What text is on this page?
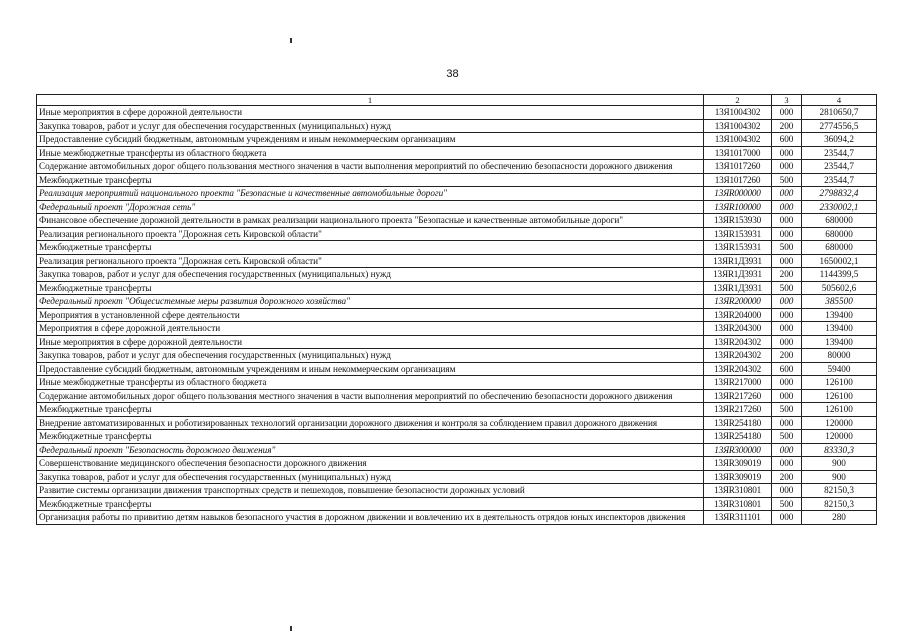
38
1	2	3	4
Иные мероприятия в сфере дорожной деятельности	13Я1004302	000	2810650,7
Закупка товаров, работ и услуг для обеспечения государственных (муниципальных) нужд	13Я1004302	200	2774556,5
Предоставление субсидий бюджетным, автономным учреждениям и иным некоммерческим организациям	13Я1004302	600	36094,2
Иные межбюджетные трансферты из областного бюджета	13Я1017000	000	23544,7
Содержание автомобильных дорог общего пользования местного значения в части выполнения мероприятий по обеспечению безопасности дорожного движения	13Я1017260	000	23544,7
Межбюджетные трансферты	13Я1017260	500	23544,7
Реализация мероприятий национального проекта "Безопасные и качественные автомобильные дороги"	13ЯR000000	000	2798832,4
Федеральный проект "Дорожная сеть"	13ЯR100000	000	2330002,1
Финансовое обеспечение дорожной деятельности в рамках реализации национального проекта "Безопасные и качественные автомобильные дороги"	13ЯR153930	000	680000
Реализация регионального проекта "Дорожная сеть Кировской области"	13ЯR153931	000	680000
Межбюджетные трансферты	13ЯR153931	500	680000
Реализация регионального проекта "Дорожная сеть Кировской области"	13ЯR1Д3931	000	1650002,1
Закупка товаров, работ и услуг для обеспечения государственных (муниципальных) нужд	13ЯR1Д3931	200	1144399,5
Межбюджетные трансферты	13ЯR1Д3931	500	505602,6
Федеральный проект "Общесистемные меры развития дорожного хозяйства"	13ЯR200000	000	385500
Мероприятия в установленной сфере деятельности	13ЯR204000	000	139400
Мероприятия в сфере дорожной деятельности	13ЯR204300	000	139400
Иные мероприятия в сфере дорожной деятельности	13ЯR204302	000	139400
Закупка товаров, работ и услуг для обеспечения государственных (муниципальных) нужд	13ЯR204302	200	80000
Предоставление субсидий бюджетным, автономным учреждениям и иным некоммерческим организациям	13ЯR204302	600	59400
Иные межбюджетные трансферты из областного бюджета	13ЯR217000	000	126100
Содержание автомобильных дорог общего пользования местного значения в части выполнения мероприятий по обеспечению безопасности дорожного движения	13ЯR217260	000	126100
Межбюджетные трансферты	13ЯR217260	500	126100
Внедрение автоматизированных и роботизированных технологий организации дорожного движения и контроля за соблюдением правил дорожного движения	13ЯR254180	000	120000
Межбюджетные трансферты	13ЯR254180	500	120000
Федеральный проект "Безопасность дорожного движения"	13ЯR300000	000	83330,3
Совершенствование медицинского обеспечения безопасности дорожного движения	13ЯR309019	000	900
Закупка товаров, работ и услуг для обеспечения государственных (муниципальных) нужд	13ЯR309019	200	900
Развитие системы организации движения транспортных средств и пешеходов, повышение безопасности дорожных условий	13ЯR310801	000	82150,3
Межбюджетные трансферты	13ЯR310801	500	82150,3
Организация работы по привитию детям навыков безопасного участия в дорожном движении и вовлечению их в деятельность отрядов юных инспекторов движения	13ЯR311101	000	280
